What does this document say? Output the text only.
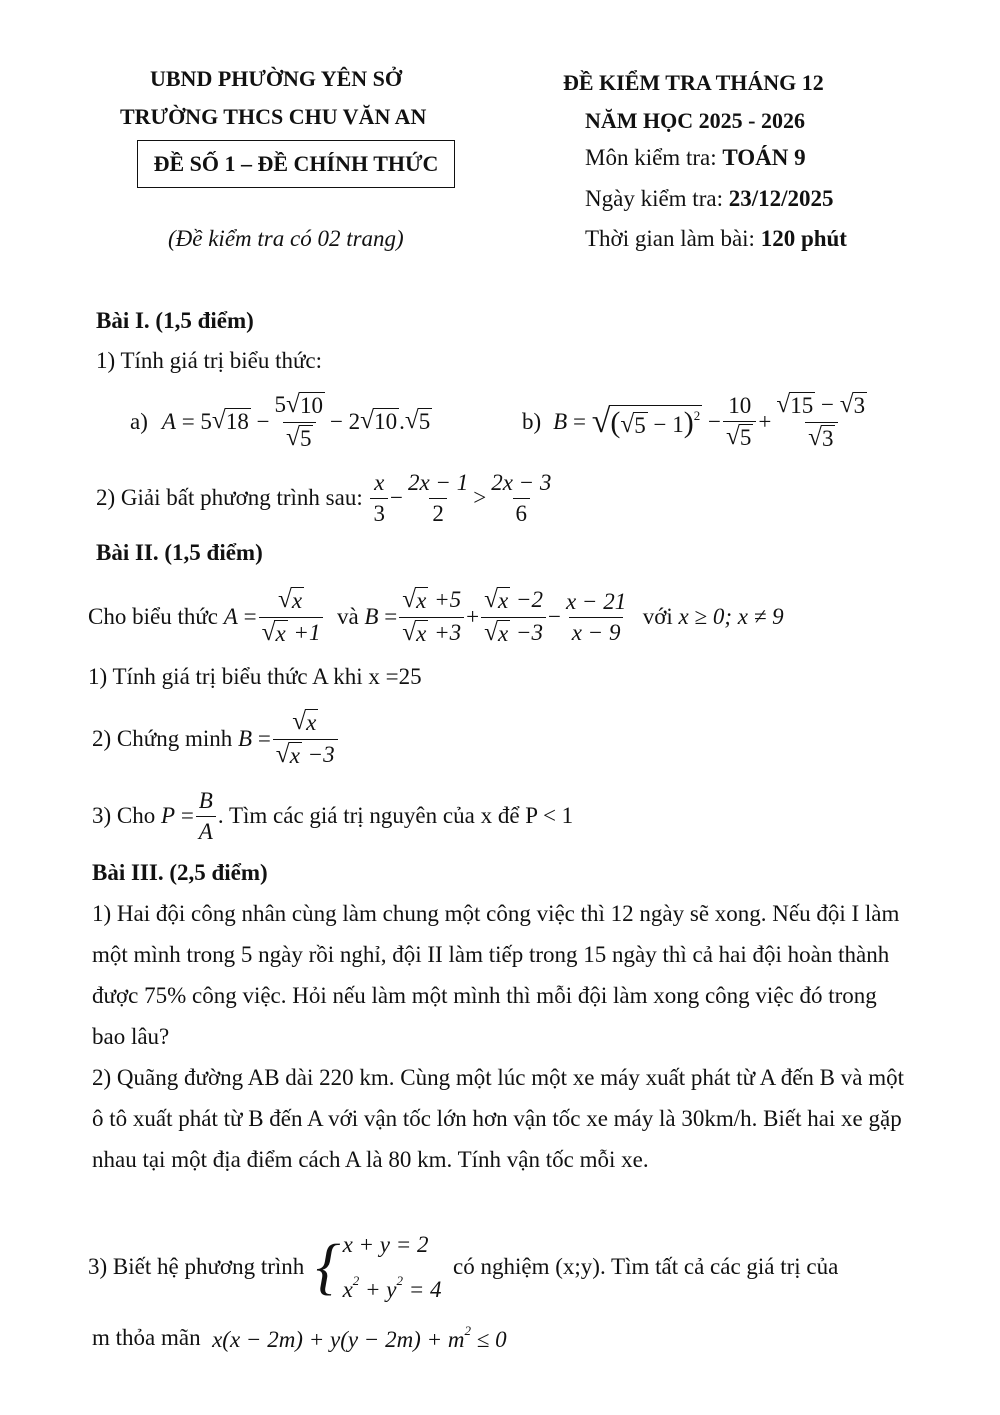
UBND PHƯỜNG YÊN SỞ
TRƯỜNG THCS CHU VĂN AN
ĐỀ SỐ 1 – ĐỀ CHÍNH THỨC
(Đề kiểm tra có 02 trang)
ĐỀ KIỂM TRA THÁNG 12
NĂM HỌC 2025 - 2026
Môn kiểm tra: TOÁN 9
Ngày kiểm tra: 23/12/2025
Thời gian làm bài: 120 phút
Bài I. (1,5 điểm)
1) Tính giá trị biểu thức:
a) A = 5 √ $18 - \frac{5 √ 10}{√ 5} - 2$ √ 10 . √ 5	b) B = √ ( √ $5 - 1)^2 - \frac{10}{√ 5} + \frac{√ 15 - √ 3}{√ 3}$
2) Giải bất phương trình sau:
$\frac{x}{3} - \frac{2x - 1}{2} > \frac{2x - 3}{6}$
Bài II. (1,5 điểm)
Cho biểu thức
$A = \frac{√ x}{√ x +1}$
và
$B = \frac{√ x +5}{√ x +3} + \frac{√ x -2}{√ x -3} - \frac{x - 21}{x - 9}$
với
x ≥ 0; x ≠ 9
1) Tính giá trị biểu thức A khi x =25
2) Chứng minh
$B = \frac{√ x}{√ x -3}$
3) Cho
$P = \frac{B}{A}$ . Tìm các giá trị nguyên của x để P < 1
Bài III. (2,5 điểm)
1) Hai đội công nhân cùng làm chung một công việc thì 12 ngày sẽ xong. Nếu đội I làm một mình trong 5 ngày rồi nghỉ, đội II làm tiếp trong 15 ngày thì cả hai đội hoàn thành được 75% công việc. Hỏi nếu làm một mình thì mỗi đội làm xong công việc đó trong bao lâu?
2) Quãng đường AB dài 220 km. Cùng một lúc một xe máy xuất phát từ A đến B và một ô tô xuất phát từ B đến A với vận tốc lớn hơn vận tốc xe máy là 30km/h. Biết hai xe gặp nhau tại một địa điểm cách A là 80 km. Tính vận tốc mỗi xe.
3) Biết hệ phương trình
{ x + y = 2
$x^2 + y^2 = 4$

có nghiệm (x;y). Tìm tất cả các giá trị của
m thỏa mãn
$x(x - 2m) + y(y - 2m) + m^2 \le 0$
